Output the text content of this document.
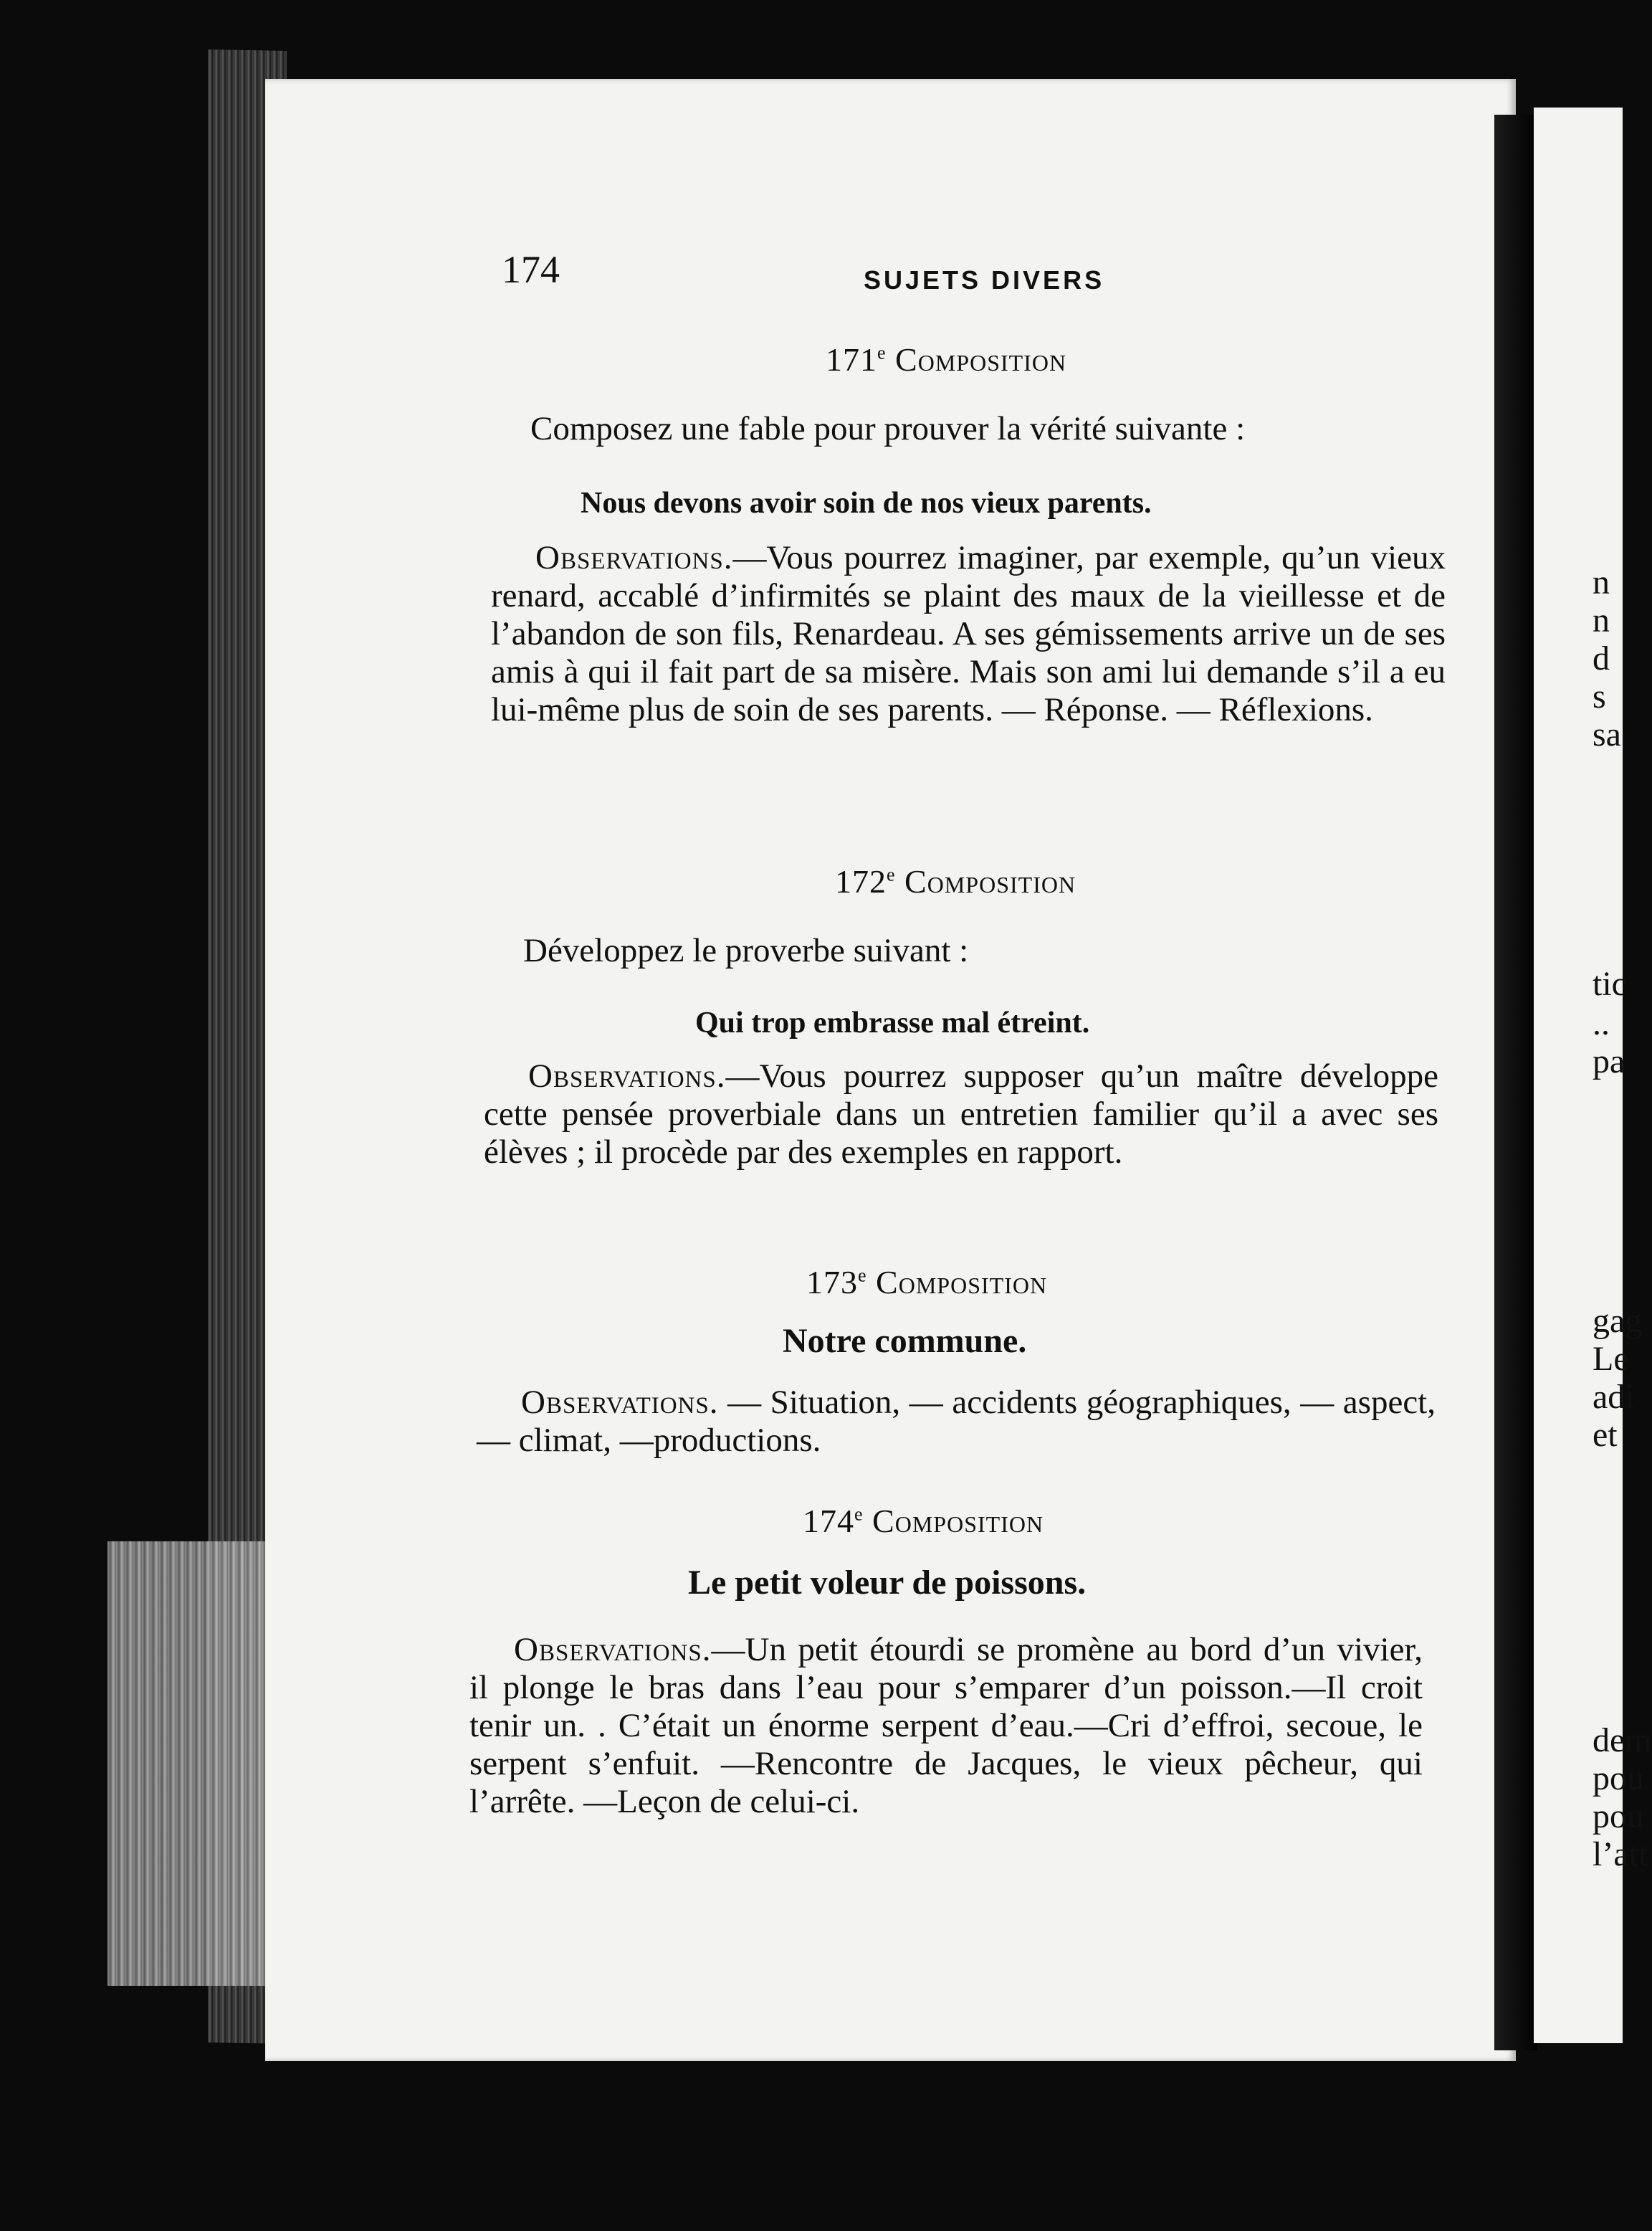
n
n
d
s
sa
tic
..
pa
gag
Le
adi
et
dem
pou
pou
l’att
174	SUJETS DIVERS
171e Composition
Composez une fable pour prouver la vérité suivante :
Nous devons avoir soin de nos vieux parents.
Observations.—Vous pourrez imaginer, par exemple, qu’un vieux renard, accablé d’infirmités se plaint des maux de la vieillesse et de l’abandon de son fils, Renardeau. A ses gémissements arrive un de ses amis à qui il fait part de sa misère. Mais son ami lui demande s’il a eu lui-même plus de soin de ses parents. — Réponse. — Réflexions.
172e Composition
Développez le proverbe suivant :
Qui trop embrasse mal étreint.
Observations.—Vous pourrez supposer qu’un maître développe cette pensée proverbiale dans un entretien familier qu’il a avec ses élèves ; il procède par des exemples en rapport.
173e Composition
Notre commune.
Observations. — Situation, — accidents géographiques, — aspect, — climat, —productions.
174e Composition
Le petit voleur de poissons.
Observations.—Un petit étourdi se promène au bord d’un vivier, il plonge le bras dans l’eau pour s’emparer d’un poisson.—Il croit tenir un. . C’était un énorme serpent d’eau.—Cri d’effroi, secoue, le serpent s’enfuit. —Rencontre de Jacques, le vieux pêcheur, qui l’arrête. —Leçon de celui-ci.
